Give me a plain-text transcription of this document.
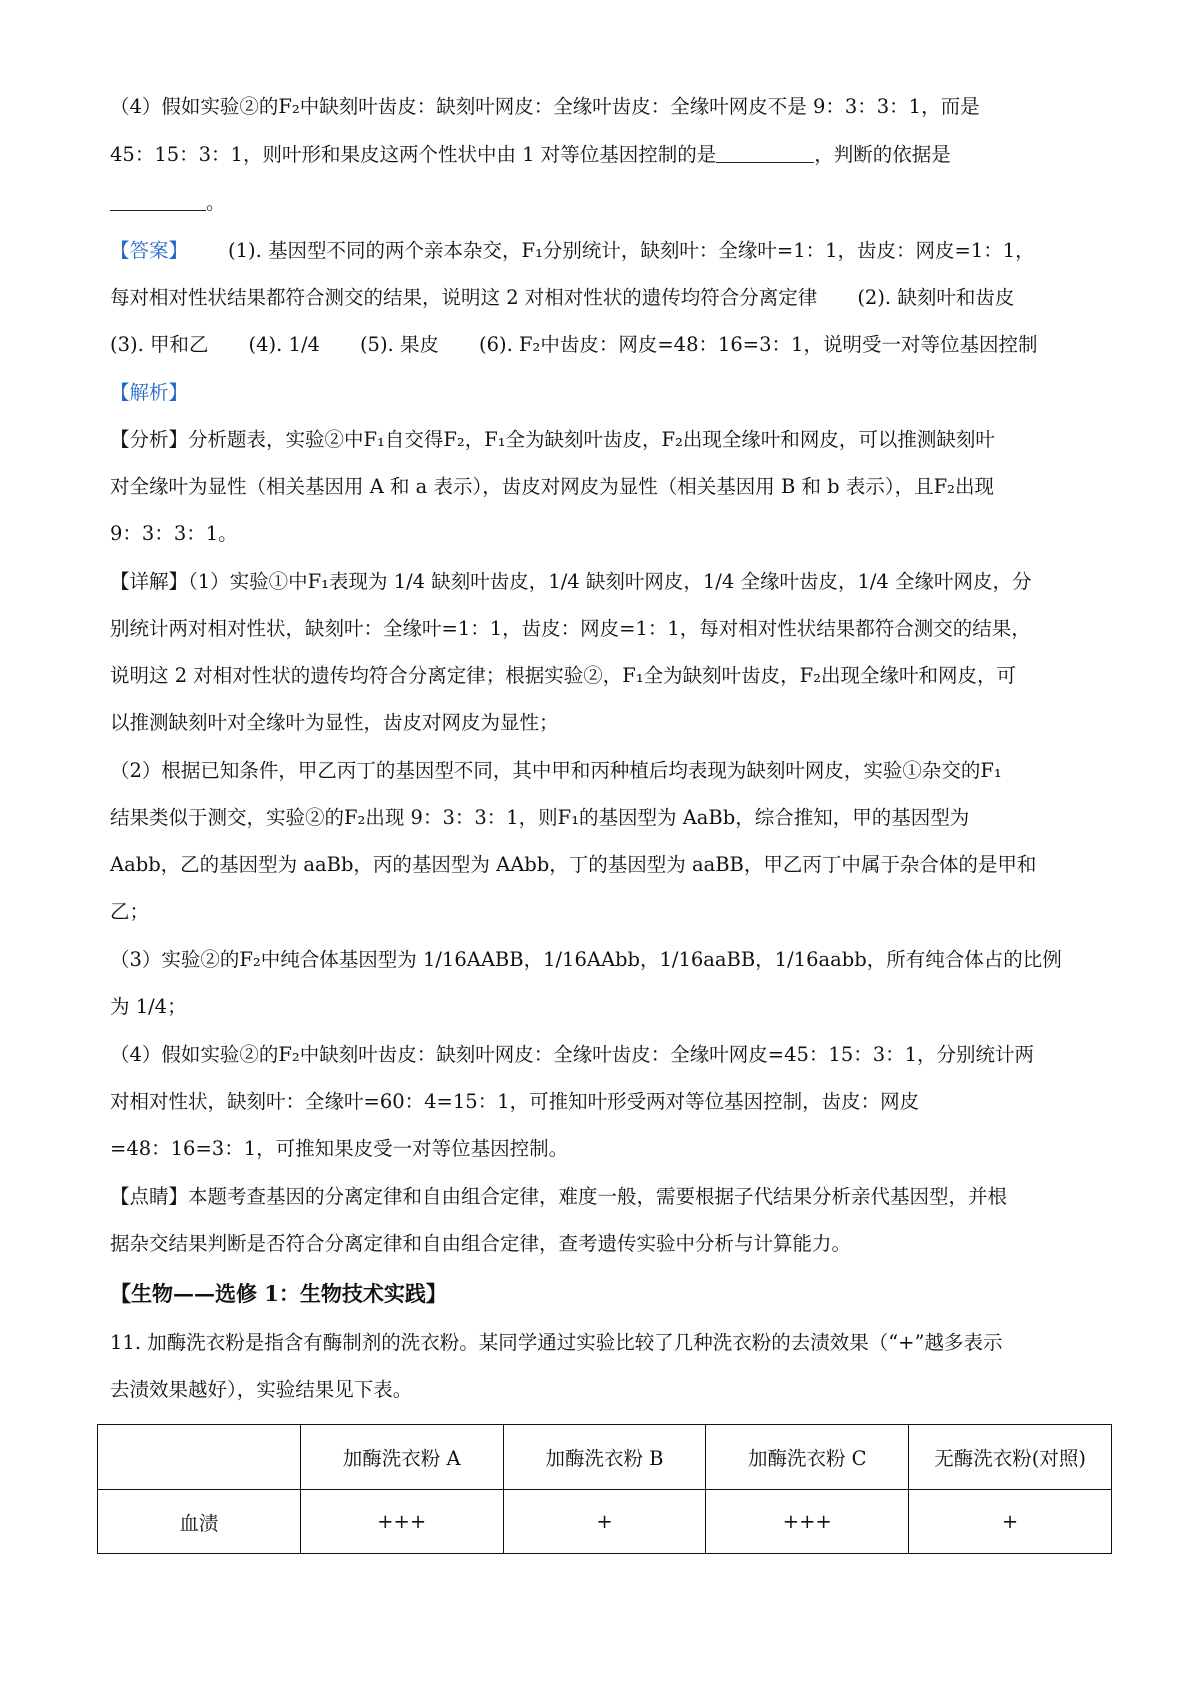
（4）假如实验②的F₂中缺刻叶齿皮：缺刻叶网皮：全缘叶齿皮：全缘叶网皮不是 9：3：3：1，而是
45：15：3：1，则叶形和果皮这两个性状中由 1 对等位基因控制的是	，判断的依据是
。
【答案】 (1). 基因型不同的两个亲本杂交，F₁分别统计，缺刻叶：全缘叶=1：1，齿皮：网皮=1：1，
每对相对性状结果都符合测交的结果，说明这 2 对相对性状的遗传均符合分离定律 (2). 缺刻叶和齿皮
(3). 甲和乙 (4). 1/4 (5). 果皮 (6). F₂中齿皮：网皮=48：16=3：1，说明受一对等位基因控制
【解析】
【分析】分析题表，实验②中F₁自交得F₂，F₁全为缺刻叶齿皮，F₂出现全缘叶和网皮，可以推测缺刻叶
对全缘叶为显性（相关基因用 A 和 a 表示），齿皮对网皮为显性（相关基因用 B 和 b 表示），且F₂出现
9：3：3：1。
【详解】（1）实验①中F₁表现为 1/4 缺刻叶齿皮，1/4 缺刻叶网皮，1/4 全缘叶齿皮，1/4 全缘叶网皮，分
别统计两对相对性状，缺刻叶：全缘叶=1：1，齿皮：网皮=1：1，每对相对性状结果都符合测交的结果，
说明这 2 对相对性状的遗传均符合分离定律；根据实验②，F₁全为缺刻叶齿皮，F₂出现全缘叶和网皮，可
以推测缺刻叶对全缘叶为显性，齿皮对网皮为显性；
（2）根据已知条件，甲乙丙丁的基因型不同，其中甲和丙种植后均表现为缺刻叶网皮，实验①杂交的F₁
结果类似于测交，实验②的F₂出现 9：3：3：1，则F₁的基因型为 AaBb，综合推知，甲的基因型为
Aabb，乙的基因型为 aaBb，丙的基因型为 AAbb，丁的基因型为 aaBB，甲乙丙丁中属于杂合体的是甲和
乙；
（3）实验②的F₂中纯合体基因型为 1/16AABB，1/16AAbb，1/16aaBB，1/16aabb，所有纯合体占的比例
为 1/4；
（4）假如实验②的F₂中缺刻叶齿皮：缺刻叶网皮：全缘叶齿皮：全缘叶网皮=45：15：3：1，分别统计两
对相对性状，缺刻叶：全缘叶=60：4=15：1，可推知叶形受两对等位基因控制，齿皮：网皮
=48：16=3：1，可推知果皮受一对等位基因控制。
【点睛】本题考查基因的分离定律和自由组合定律，难度一般，需要根据子代结果分析亲代基因型，并根
据杂交结果判断是否符合分离定律和自由组合定律，查考遗传实验中分析与计算能力。
【生物——选修 1：生物技术实践】
11. 加酶洗衣粉是指含有酶制剂的洗衣粉。某同学通过实验比较了几种洗衣粉的去渍效果（“+”越多表示
去渍效果越好），实验结果见下表。
	加酶洗衣粉 A	加酶洗衣粉 B	加酶洗衣粉 C	无酶洗衣粉(对照)
血渍	+++	+	+++	+
